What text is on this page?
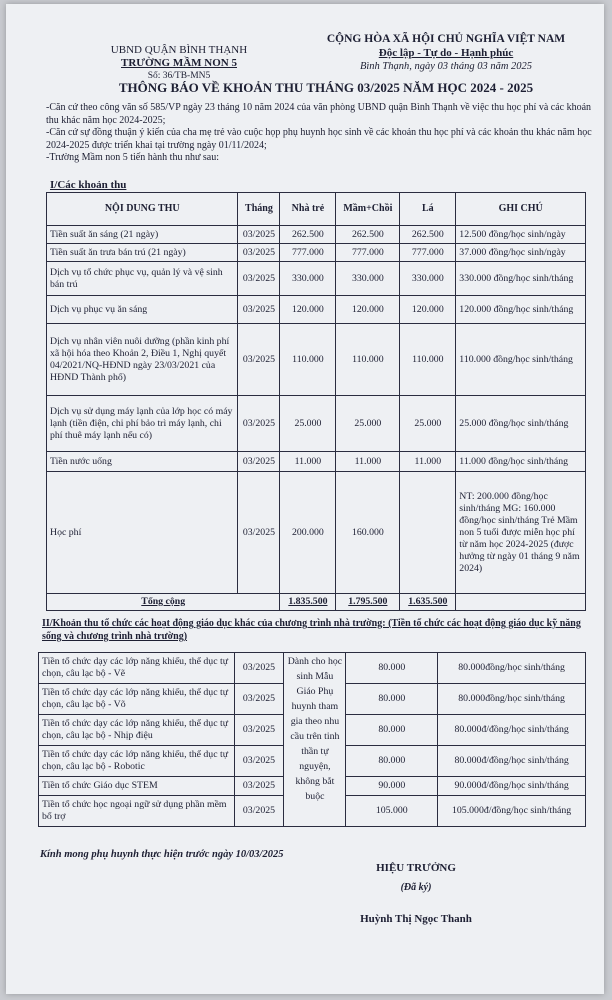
UBND QUẬN BÌNH THẠNH
TRƯỜNG MẦM NON 5
Số: 36/TB-MN5
CỘNG HÒA XÃ HỘI CHỦ NGHĨA VIỆT NAM
Độc lập - Tự do - Hạnh phúc
Bình Thạnh, ngày 03 tháng 03 năm 2025
THÔNG BÁO VỀ KHOẢN THU THÁNG 03/2025 NĂM HỌC 2024 - 2025

-Căn cứ theo công văn số 585/VP ngày 23 tháng 10 năm 2024 của văn phòng UBND quận Bình Thạnh về việc thu học phí và các khoản thu khác năm học 2024-2025;

-Căn cứ sự đồng thuận ý kiến của cha mẹ trẻ vào cuộc họp phụ huynh học sinh về các khoản thu học phí và các khoản thu khác năm học 2024-2025 được triển khai tại trường ngày 01/11/2024;

-Trường Mầm non 5 tiến hành thu như sau:

I/Các khoản thu
NỘI DUNG THU	Tháng	Nhà trẻ	Mầm+Chồi	Lá	GHI CHÚ
Tiền suất ăn sáng (21 ngày)	03/2025	262.500	262.500	262.500	12.500 đồng/học sinh/ngày
Tiền suất ăn trưa bán trú (21 ngày)	03/2025	777.000	777.000	777.000	37.000 đồng/học sinh/ngày
Dịch vụ tổ chức phục vụ, quản lý và vệ sinh bán trú	03/2025	330.000	330.000	330.000	330.000 đồng/học sinh/tháng
Dịch vụ phục vụ ăn sáng	03/2025	120.000	120.000	120.000	120.000 đồng/học sinh/tháng
Dịch vụ nhân viên nuôi dưỡng (phần kinh phí xã hội hóa theo Khoản 2, Điều 1, Nghị quyết 04/2021/NQ-HĐND ngày 23/03/2021 của HĐND Thành phố)	03/2025	110.000	110.000	110.000	110.000 đồng/học sinh/tháng
Dịch vụ sử dụng máy lạnh của lớp học có máy lạnh (tiền điện, chi phí bảo trì máy lạnh, chi phí thuê máy lạnh nếu có)	03/2025	25.000	25.000	25.000	25.000 đồng/học sinh/tháng
Tiền nước uống	03/2025	11.000	11.000	11.000	11.000 đồng/học sinh/tháng
Học phí	03/2025	200.000	160.000		NT: 200.000 đồng/học sinh/tháng MG: 160.000 đồng/học sinh/tháng Trẻ Mầm non 5 tuổi được miễn học phí từ năm học 2024-2025 (được hưởng từ ngày 01 tháng 9 năm 2024)
Tổng cộng		1.835.500	1.795.500	1.635.500	
II/Khoản thu tổ chức các hoạt động giáo dục khác của chương trình nhà trường: (Tiền tổ chức các hoạt động giáo dục kỹ năng sống và chương trình nhà trường)
Tiền tổ chức dạy các lớp năng khiếu, thể dục tự chọn, câu lạc bộ - Vẽ	03/2025	Dành cho học sinh Mẫu Giáo Phụ huynh tham gia theo nhu cầu trên tinh thần tự nguyện, không bắt buộc	80.000	80.000đồng/học sinh/tháng
Tiền tổ chức dạy các lớp năng khiếu, thể dục tự chọn, câu lạc bộ - Võ	03/2025		80.000	80.000đồng/học sinh/tháng
Tiền tổ chức dạy các lớp năng khiếu, thể dục tự chọn, câu lạc bộ - Nhịp điệu	03/2025		80.000	80.000đ/đồng/học sinh/tháng
Tiền tổ chức dạy các lớp năng khiếu, thể dục tự chọn, câu lạc bộ - Robotic	03/2025		80.000	80.000đ/đồng/học sinh/tháng
Tiền tổ chức Giáo dục STEM	03/2025		90.000	90.000đ/đồng/học sinh/tháng
Tiền tổ chức học ngoại ngữ sử dụng phần mềm bổ trợ	03/2025		105.000	105.000đ/đồng/học sinh/tháng
Kính mong phụ huynh thực hiện trước ngày 10/03/2025
HIỆU TRƯỞNG
(Đã ký)
Huỳnh Thị Ngọc Thanh
